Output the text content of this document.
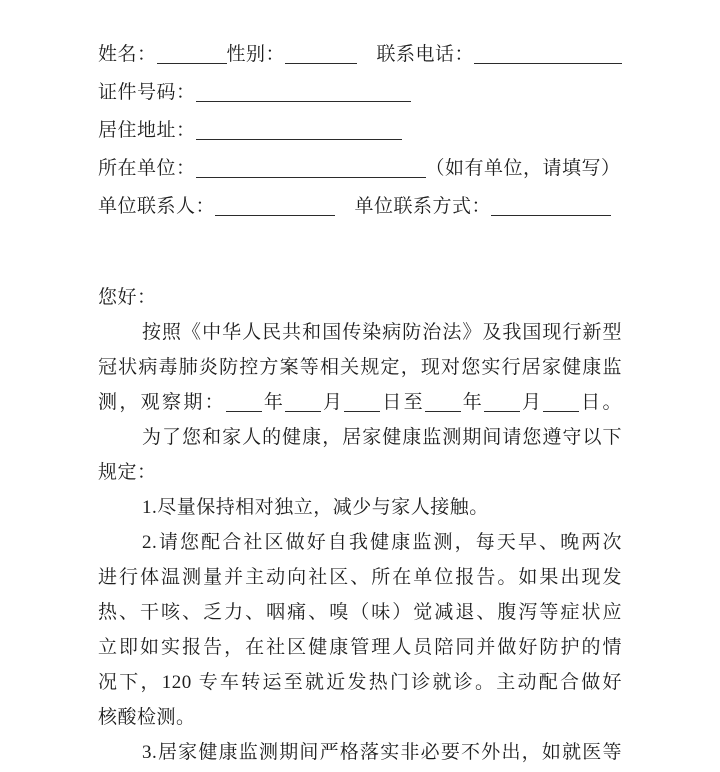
姓名：	性别：	　联系电话：
证件号码：
居住地址：
所在单位：	（如有单位，请填写）
单位联系人：	　单位联系方式：
您好：
按照《中华人民共和国传染病防治法》及我国现行新型
冠状病毒肺炎防控方案等相关规定，现对您实行居家健康监
测，观察期： 年 月 日至 年 月 日。
为了您和家人的健康，居家健康监测期间请您遵守以下
规定：
1.尽量保持相对独立，减少与家人接触。
2.请您配合社区做好自我健康监测，每天早、晚两次
进行体温测量并主动向社区、所在单位报告。如果出现发
热、干咳、乏力、咽痛、嗅（味）觉减退、腹泻等症状应
立即如实报告，在社区健康管理人员陪同并做好防护的情
况下，120 专车转运至就近发热门诊就诊。主动配合做好
核酸检测。
3.居家健康监测期间严格落实非必要不外出，如就医等
